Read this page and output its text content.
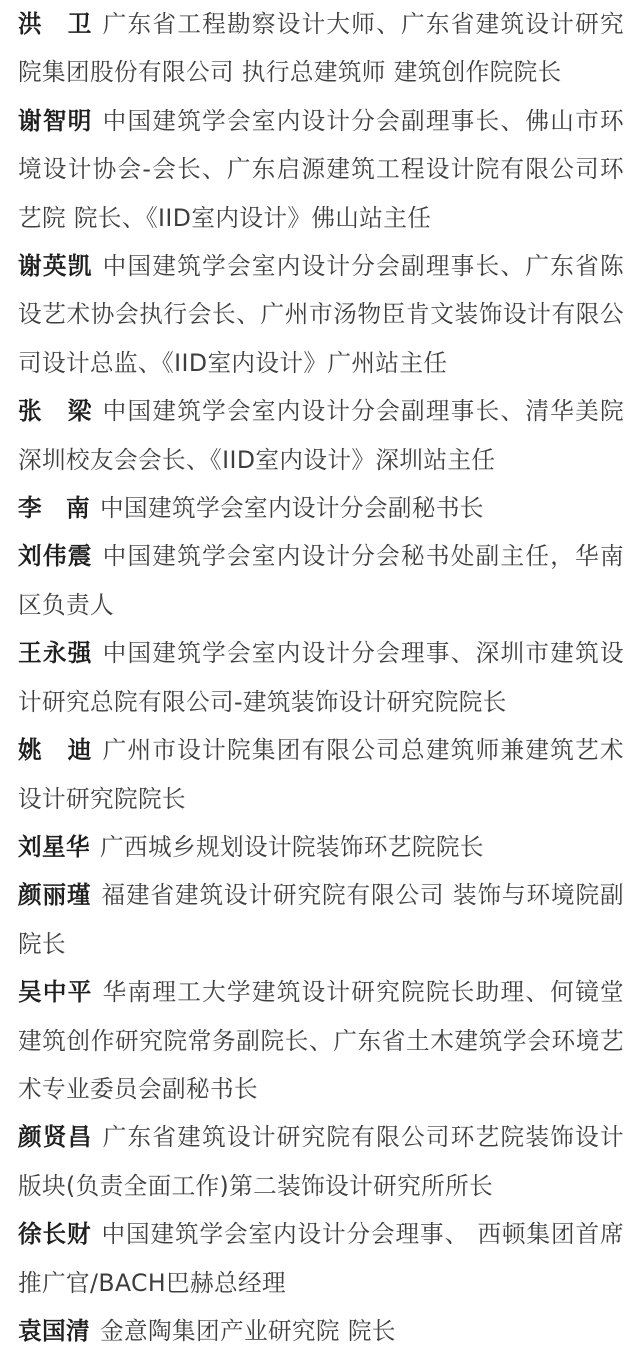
洪　卫 广东省工程勘察设计大师、广东省建筑设计研究院集团股份有限公司 执行总建筑师 建筑创作院院长

谢智明 中国建筑学会室内设计分会副理事长、佛山市环境设计协会-会长、广东启源建筑工程设计院有限公司环艺院 院长、《IID室内设计》佛山站主任

谢英凯 中国建筑学会室内设计分会副理事长、广东省陈设艺术协会执行会长、广州市汤物臣肯文装饰设计有限公司设计总监、《IID室内设计》广州站主任

张　梁 中国建筑学会室内设计分会副理事长、清华美院深圳校友会会长、《IID室内设计》深圳站主任

李　南 中国建筑学会室内设计分会副秘书长

刘伟震 中国建筑学会室内设计分会秘书处副主任，华南区负责人

王永强 中国建筑学会室内设计分会理事、深圳市建筑设计研究总院有限公司-建筑装饰设计研究院院长

姚　迪 广州市设计院集团有限公司总建筑师兼建筑艺术设计研究院院长

刘星华 广西城乡规划设计院装饰环艺院院长

颜丽瑾 福建省建筑设计研究院有限公司 装饰与环境院副院长

吴中平 华南理工大学建筑设计研究院院长助理、何镜堂建筑创作研究院常务副院长、广东省土木建筑学会环境艺术专业委员会副秘书长

颜贤昌 广东省建筑设计研究院有限公司环艺院装饰设计版块(负责全面工作)第二装饰设计研究所所长

徐长财 中国建筑学会室内设计分会理事、 西顿集团首席推广官/BACH巴赫总经理

袁国清 金意陶集团产业研究院 院长
